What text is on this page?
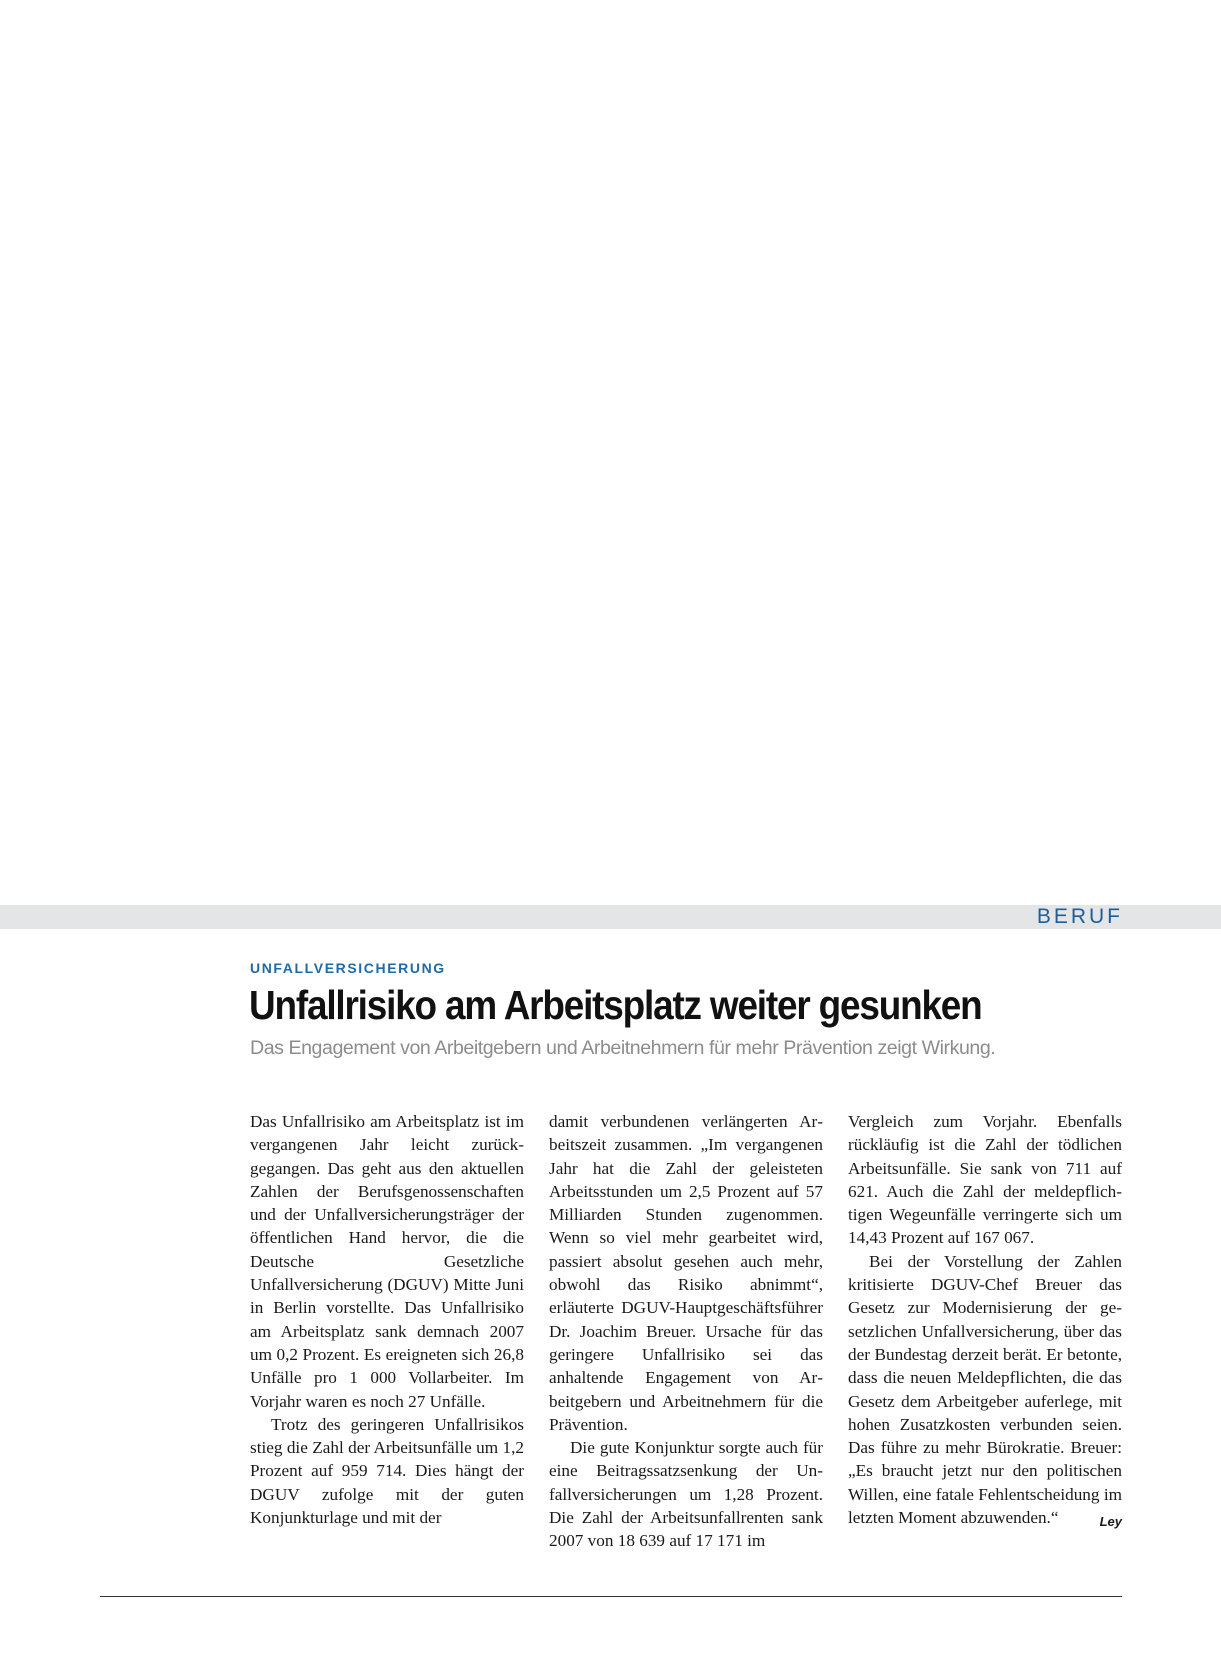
BERUF
UNFALLVERSICHERUNG
Unfallrisiko am Arbeitsplatz weiter gesunken
Das Engagement von Arbeitgebern und Arbeitnehmern für mehr Prävention zeigt Wirkung.

Das Unfallrisiko am Arbeitsplatz ist im vergangenen Jahr leicht zurückgegangen. Das geht aus den aktuellen Zahlen der Berufsgenossenschaften und der Unfallversicherungsträger der öffentlichen Hand hervor, die die Deutsche Gesetzliche Unfallversicherung (DGUV) Mitte Juni in Berlin vorstellte. Das Unfallrisiko am Arbeitsplatz sank demnach 2007 um 0,2 Prozent. Es ereigneten sich 26,8 Unfälle pro 1 000 Vollarbeiter. Im Vorjahr waren es noch 27 Unfälle.

Trotz des geringeren Unfallrisikos stieg die Zahl der Arbeitsunfälle um 1,2 Prozent auf 959 714. Dies hängt der DGUV zufolge mit der guten Konjunkturlage und mit der

damit verbundenen verlängerten Arbeitszeit zusammen. „Im vergangenen Jahr hat die Zahl der geleisteten Arbeitsstunden um 2,5 Prozent auf 57 Milliarden Stunden zugenommen. Wenn so viel mehr gearbeitet wird, passiert absolut gesehen auch mehr, obwohl das Risiko abnimmt“, erläuterte DGUV-Hauptgeschäftsführer Dr. Joachim Breuer. Ursache für das geringere Unfallrisiko sei das anhaltende Engagement von Arbeitgebern und Arbeitnehmern für die Prävention.

Die gute Konjunktur sorgte auch für eine Beitragssatzsenkung der Unfallversicherungen um 1,28 Prozent. Die Zahl der Arbeitsunfallrenten sank 2007 von 18 639 auf 17 171 im

Vergleich zum Vorjahr. Ebenfalls rückläufig ist die Zahl der tödlichen Arbeitsunfälle. Sie sank von 711 auf 621. Auch die Zahl der meldepflichtigen Wegeunfälle verringerte sich um 14,43 Prozent auf 167 067.

Bei der Vorstellung der Zahlen kritisierte DGUV-Chef Breuer das Gesetz zur Modernisierung der gesetzlichen Unfallversicherung, über das der Bundestag derzeit berät. Er betonte, dass die neuen Meldepflichten, die das Gesetz dem Arbeitgeber auferlege, mit hohen Zusatzkosten verbunden seien. Das führe zu mehr Bürokratie. Breuer: „Es braucht jetzt nur den politischen Willen, eine fatale Fehlentscheidung im letzten Moment abzuwenden.“	Ley
